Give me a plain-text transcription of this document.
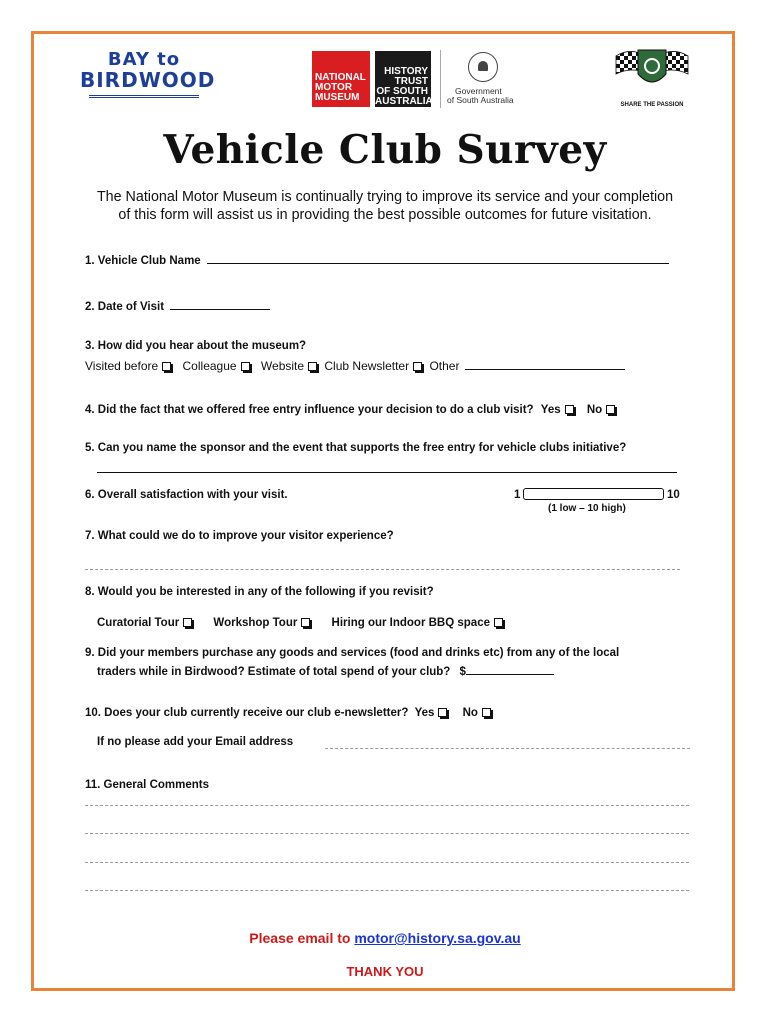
BAY to
BIRDWOOD	NATIONAL
MOTOR
MUSEUM
HISTORY
TRUST
OF SOUTH
AUSTRALIA
Government
of South Australia	SHARE THE PASSION
Vehicle Club Survey
The National Motor Museum is continually trying to improve its service and your completion
of this form will assist us in providing the best possible outcomes for future visitation.
1. Vehicle Club Name
2. Date of Visit
3. How did you hear about the museum?
Visited before Colleague Website Club Newsletter Other
4. Did the fact that we offered free entry influence your decision to do a club visit? Yes No
5. Can you name the sponsor and the event that supports the free entry for vehicle clubs initiative?
6. Overall satisfaction with your visit.	1	10
(1 low – 10 high)
7. What could we do to improve your visitor experience?
8. Would you be interested in any of the following if you revisit?
Curatorial Tour	Workshop Tour	Hiring our Indoor BBQ space
9. Did your members purchase any goods and services (food and drinks etc) from any of the local
traders while in Birdwood? Estimate of total spend of your club? $
10. Does your club currently receive our club e-newsletter? Yes No
If no please add your Email address
11. General Comments
Please email to motor@history.sa.gov.au
THANK YOU
